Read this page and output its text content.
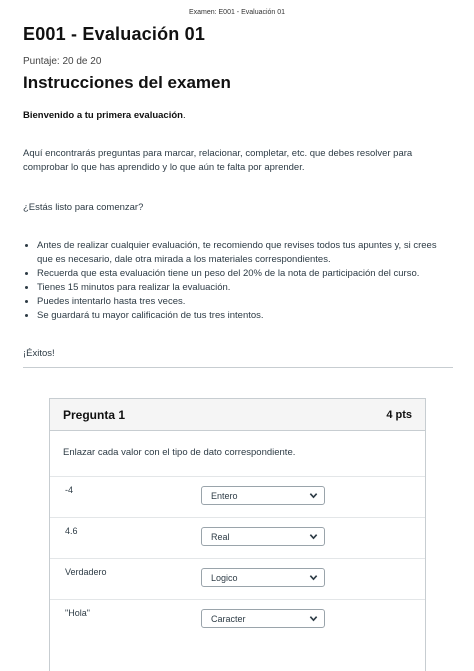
Examen: E001 - Evaluación 01
E001 - Evaluación 01
Puntaje: 20 de 20
Instrucciones del examen
Bienvenido a tu primera evaluación.
Aquí encontrarás preguntas para marcar, relacionar, completar, etc. que debes resolver para comprobar lo que has aprendido y lo que aún te falta por aprender.
¿Estás listo para comenzar?
• Antes de realizar cualquier evaluación, te recomiendo que revises todos tus apuntes y, si crees que es necesario, dale otra mirada a los materiales correspondientes.
• Recuerda que esta evaluación tiene un peso del 20% de la nota de participación del curso.
• Tienes 15 minutos para realizar la evaluación.
• Puedes intentarlo hasta tres veces.
• Se guardará tu mayor calificación de tus tres intentos.
¡Éxitos!
Pregunta 1	4 pts
Enlazar cada valor con el tipo de dato correspondiente.
-4
Entero
4.6
Real
Verdadero
Logico
"Hola"
Caracter
